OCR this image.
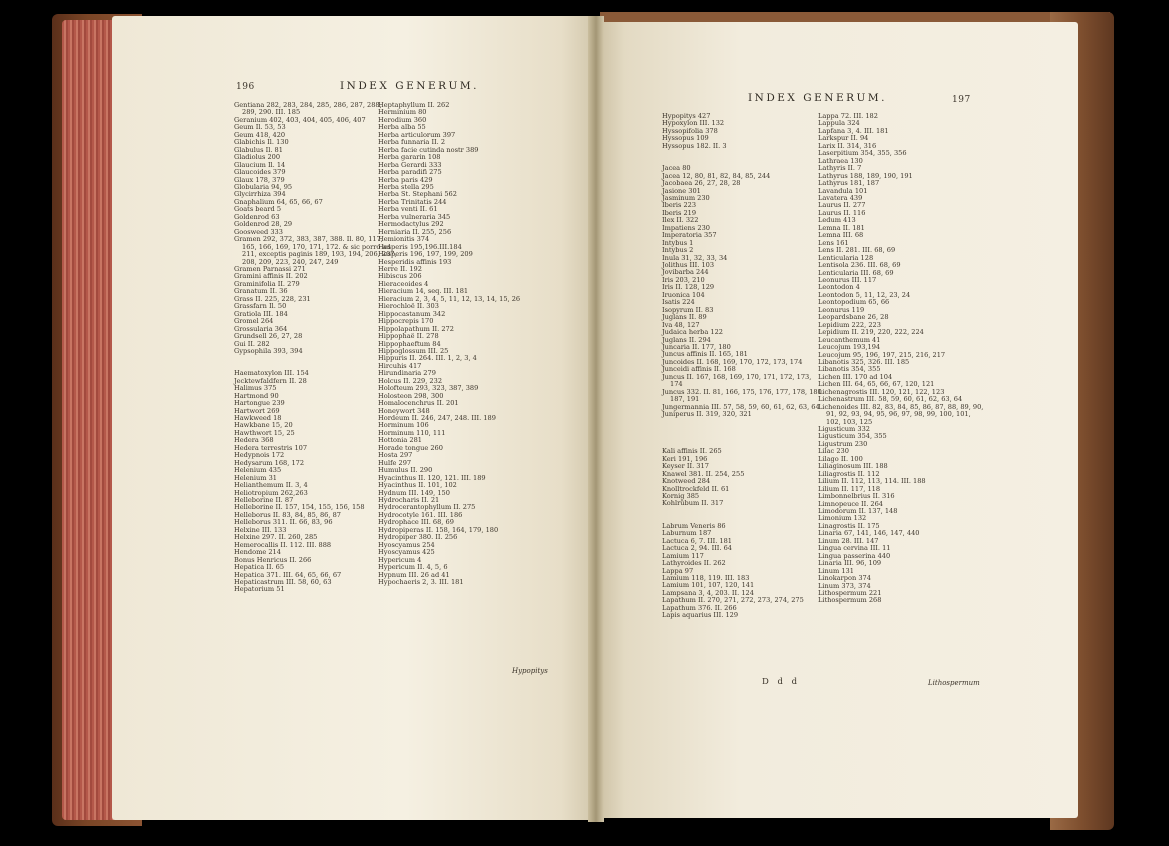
196	INDEX GENERUM.
Gentiana 282, 283, 284, 285, 286, 287, 288,
289, 290. III. 185
Geranium 402, 403, 404, 405, 406, 407
Geum Il. 53, 53
Geum 418, 420
Glabichis Il. 130
Glabulus Il. 81
Gladiolus 200
Glaucium Il. 14
Glaucoides 379
Glaux 178, 379
Globularia 94, 95
Glycirrhiza 394
Gnaphalium 64, 65, 66, 67
Goats beard 5
Goldenrod 63
Goldenrod 28, 29
Goosweed 333
Gramen 292, 372, 383, 387, 388. Il. 80, 117,
165, 166, 169, 170, 171, 172. & sic porro ad
211, exceptis paginis 189, 193, 194, 206, 207,
208, 209, 223, 240, 247, 249
Gramen Parnassi 271
Gramini affinis II. 202
Graminifolia II. 279
Granatum II. 36
Grass II. 225, 228, 231
Grassfarn Il. 50
Gratiola III. 184
Gromel 264
Grossularia 364
Grundsell 26, 27, 28
Gui II. 282
Gypsophila 393, 394
Haematoxylon III. 154
Jecktewfaldfern II. 28
Halimus 375
Hartmond 90
Hartongue 239
Hartwort 269
Hawkweed 18
Hawkbane 15, 20
Hawthwort 15, 25
Hedera 368
Hedera terrestris 107
Hedypnois 172
Hedysarum 168, 172
Helenium 435
Helenium 31
Helianthemum II. 3, 4
Heliotropium 262,263
Helleborine II. 87
Helleborine II. 157, 154, 155, 156, 158
Helleborus II. 83, 84, 85, 86, 87
Helleborus 311. II. 66, 83, 96
Helxine III. 133
Helxine 297. II. 260, 285
Hemerocallis II. 112. III. 888
Hendome 214
Bonus Henricus II. 266
Hepatica II. 65
Hepatica 371. III. 64, 65, 66, 67
Hepaticastrum III. 58, 60, 63
Hepatorium 51
Heptaphyllum II. 262
Herminium 80
Herodium 360
Herba alba 55
Herba articulorum 397
Herba funnaria II. 2
Herba facie cutinda nostr 389
Herba gararin 108
Herba Gerardi 333
Herba paradifi 275
Herba paris 429
Herba stella 295
Herba St. Stephani 562
Herba Trinitatis 244
Herba venti II. 61
Herba vulneraria 345
Hermodactylus 292
Herniaria II. 255, 256
Hemionitis 374
Hesperis 195,196.III.184
Hesperis 196, 197, 199, 209
Hesperidis affinis 193
Herre II. 192
Hibiscus 206
Hieraceoides 4
Hieracium 14, seq. III. 181
Hieracium 2, 3, 4, 5, 11, 12, 13, 14, 15, 26
Hierochloë II. 303
Hippocastanum 342
Hippocrepis 170
Hippolapathum II. 272
Hippophaë II. 278
Hippophaeftum 84
Hippoglossum III. 25
Hippuris II. 264. III. 1, 2, 3, 4
Hircuhis 417
Hirundinaria 279
Holcus II. 229, 232
Holofteum 293, 323, 387, 389
Holosteon 298, 300
Homalocenchrus II. 201
Honeywort 348
Hordeum II. 246, 247, 248. III. 189
Horminum 106
Horminum 110, 111
Hottonia 281
Horade tongue 260
Hosta 297
Hulfe 297
Humulus II. 290
Hyacinthus II. 120, 121. III. 189
Hyacinthus II. 101, 102
Hydnum III. 149, 150
Hydrocharis II. 21
Hydrocerantophyllum II. 275
Hydrocotyle 161. III. 186
Hydrophace III. 68, 69
Hydropiperas II. 158, 164, 179, 180
Hydropiper 380. II. 256
Hyoscyamus 254
Hyoscyamus 425
Hypericum 4
Hypericum II. 4, 5, 6
Hypnum III. 26 ad 41
Hypochaeris 2, 3. III. 181
Hypopitys
INDEX GENERUM.	197
Hypopitys 427
Hypoxylon III. 132
Hyssopifolia 378
Hyssopus 109
Hyssopus 182. II. 3
Jacea 80
Jacea 12, 80, 81, 82, 84, 85, 244
Jacobaea 26, 27, 28, 28
Jasione 301
Jasminum 230
Iberis 223
Iberis 219
Ilex II. 322
Impatiens 230
Imperatoria 357
Intybus 1
Intybus 2
Inula 31, 32, 33, 34
Jolithus III. 103
Jovibarba 244
Iris 203, 210
Iris II. 128, 129
Iruonica 104
Isatis 224
Isopyrum II. 83
Juglans II. 89
Iva 48, 127
Judaica herba 122
Juglans II. 294
Juncaria II. 177, 180
Juncus affinis II. 165, 181
Juncoides II. 168, 169, 170, 172, 173, 174
Junceidi affinis II. 168
Juncus II. 167, 168, 169, 170, 171, 172, 173,
174
Juncus 332. II. 81, 166, 175, 176, 177, 178, 180
187, 191
Jungermannia III. 57, 58, 59, 60, 61, 62, 63, 64
Juniperus II. 319, 320, 321
Kali affinis II. 265
Keri 191, 196
Keyser II. 317
Knawel 381. II. 254, 255
Knotweed 284
Knolltrockfeld II. 61
Kornig 385
Kohlrübum II. 317
Labrum Veneris 86
Laburnum 187
Lactuca 6, 7. III. 181
Lactuca 2, 94. III. 64
Lamium 117
Lathyroides II. 262
Lappa 97
Lamium 118, 119. III. 183
Lamium 101, 107, 120, 141
Lampsana 3, 4, 203. II. 124
Lapathum II. 270, 271, 272, 273, 274, 275
Lapathum 376. II. 266
Lapis aquarius III. 129
Lappa 72. III. 182
Lappula 324
Lapfana 3, 4. III. 181
Larkspur II. 94
Larix II. 314, 316
Laserpitium 354, 355, 356
Lathraea 130
Lathyris II. 7
Lathyrus 188, 189, 190, 191
Lathyrus 181, 187
Lavandula 101
Lavatera 439
Laurus II. 277
Laurus II. 116
Ledum 413
Lemna II. 181
Lemna III. 68
Lens 161
Lens II. 281. III. 68, 69
Lenticularia 128
Lentisola 236. III. 68, 69
Lenticularia III. 68, 69
Leonurus III. 117
Leontodon 4
Leontodon 5, 11, 12, 23, 24
Leontopodium 65, 66
Leonurus 119
Leopardsbane 26, 28
Lepidium 222, 223
Lepidium II. 219, 220, 222, 224
Leucanthemum 41
Leucojum 193,194
Leucojum 95, 196, 197, 215, 216, 217
Libanotis 325, 326. III. 185
Libanotis 354, 355
Lichen III. 170 ad 104
Lichen III. 64, 65, 66, 67, 120, 121
Lichenagrostis III. 120, 121, 122, 123
Lichenastrum III. 58, 59, 60, 61, 62, 63, 64
Lichenoides III. 82, 83, 84, 85, 86, 87, 88, 89, 90,
91, 92, 93, 94, 95, 96, 97, 98, 99, 100, 101,
102, 103, 125
Ligusticum 332
Ligusticum 354, 355
Ligustrum 230
Lilac 230
Lilago II. 100
Liliaginosum III. 188
Liliagrostis II. 112
Lilium II. 112, 113, 114. III. 188
Lilium II. 117, 118
Limbonnelbrius II. 316
Limnopeuce II. 264
Limodorum II. 137, 148
Limonium 132
Linagrostis II. 175
Linaria 67, 141, 146, 147, 440
Linum 28. III. 147
Lingua cervina III. 11
Lingua passerina 440
Linaria III. 96, 109
Linum 131
Linokarpon 374
Linum 373, 374
Lithospermum 221
Lithospermum 268
D d d	Lithospermum
